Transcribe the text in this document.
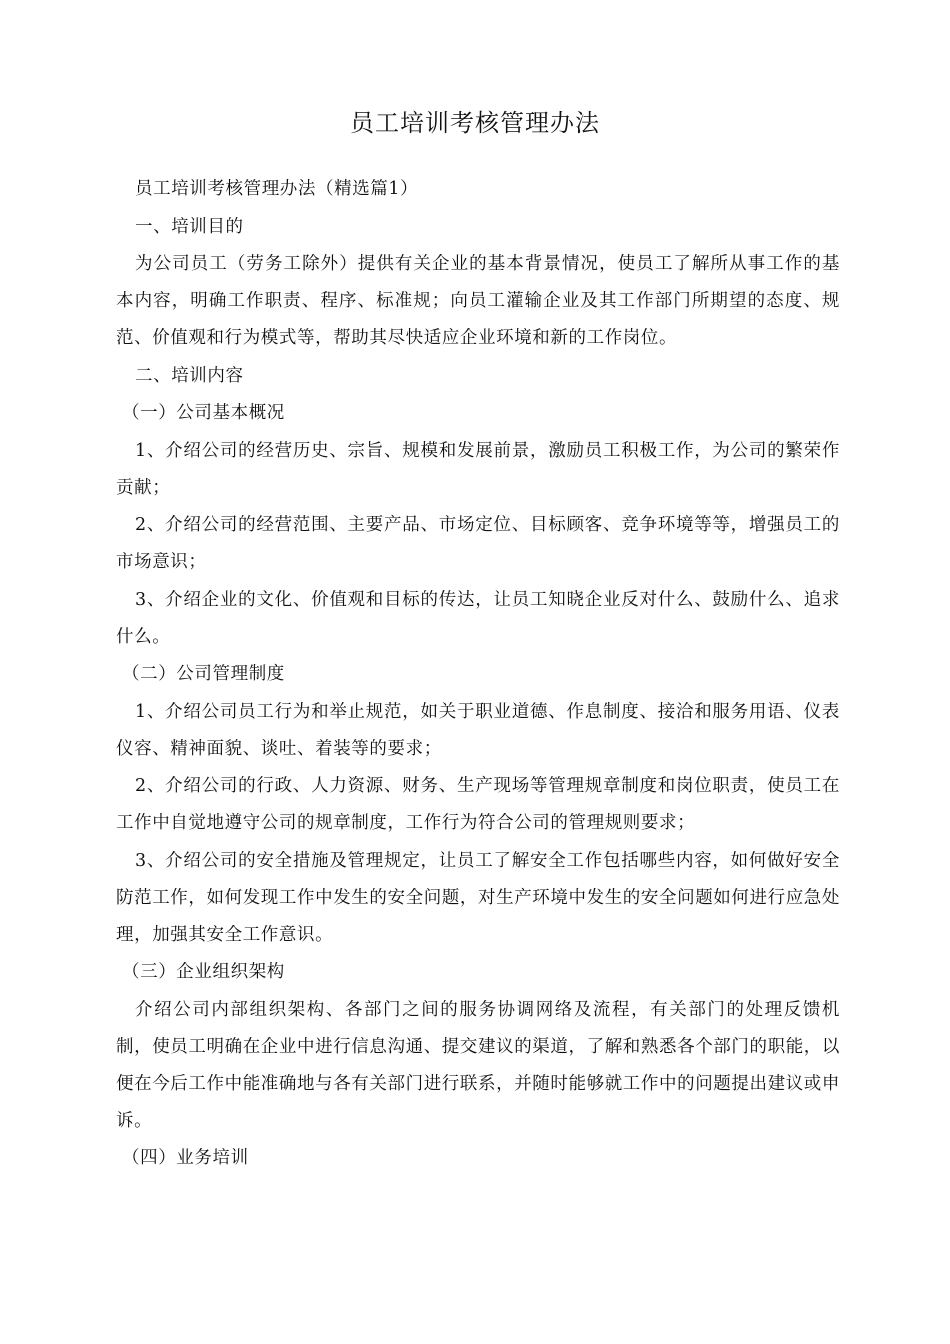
员工培训考核管理办法

员工培训考核管理办法（精选篇1）

一、培训目的

为公司员工（劳务工除外）提供有关企业的基本背景情况，使员工了解所从事工作的基本内容，明确工作职责、程序、标准规；向员工灌输企业及其工作部门所期望的态度、规范、价值观和行为模式等，帮助其尽快适应企业环境和新的工作岗位。

二、培训内容

（一）公司基本概况

1、介绍公司的经营历史、宗旨、规模和发展前景，激励员工积极工作，为公司的繁荣作贡献；

2、介绍公司的经营范围、主要产品、市场定位、目标顾客、竞争环境等等，增强员工的市场意识；

3、介绍企业的文化、价值观和目标的传达，让员工知晓企业反对什么、鼓励什么、追求什么。

（二）公司管理制度

1、介绍公司员工行为和举止规范，如关于职业道德、作息制度、接洽和服务用语、仪表仪容、精神面貌、谈吐、着装等的要求；

2、介绍公司的行政、人力资源、财务、生产现场等管理规章制度和岗位职责，使员工在工作中自觉地遵守公司的规章制度，工作行为符合公司的管理规则要求；

3、介绍公司的安全措施及管理规定，让员工了解安全工作包括哪些内容，如何做好安全防范工作，如何发现工作中发生的安全问题，对生产环境中发生的安全问题如何进行应急处理，加强其安全工作意识。

（三）企业组织架构

介绍公司内部组织架构、各部门之间的服务协调网络及流程，有关部门的处理反馈机制，使员工明确在企业中进行信息沟通、提交建议的渠道，了解和熟悉各个部门的职能，以便在今后工作中能准确地与各有关部门进行联系，并随时能够就工作中的问题提出建议或申诉。

（四）业务培训
